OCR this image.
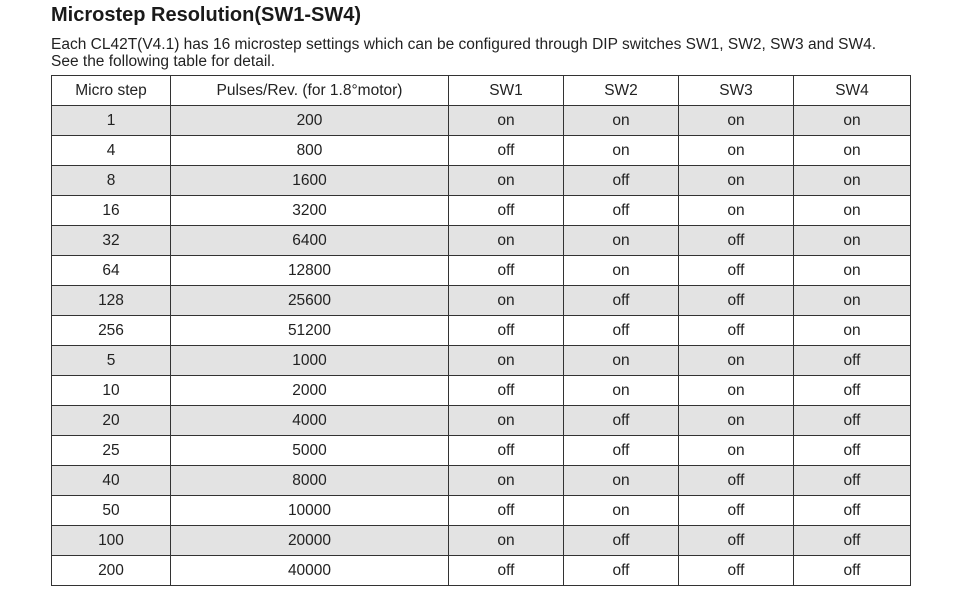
Microstep Resolution(SW1-SW4)
Each CL42T(V4.1) has 16 microstep settings which can be configured through DIP switches SW1, SW2, SW3 and SW4.
See the following table for detail.
Micro step	Pulses/Rev. (for 1.8°motor)	SW1	SW2	SW3	SW4
1	200	on	on	on	on
4	800	off	on	on	on
8	1600	on	off	on	on
16	3200	off	off	on	on
32	6400	on	on	off	on
64	12800	off	on	off	on
128	25600	on	off	off	on
256	51200	off	off	off	on
5	1000	on	on	on	off
10	2000	off	on	on	off
20	4000	on	off	on	off
25	5000	off	off	on	off
40	8000	on	on	off	off
50	10000	off	on	off	off
100	20000	on	off	off	off
200	40000	off	off	off	off
